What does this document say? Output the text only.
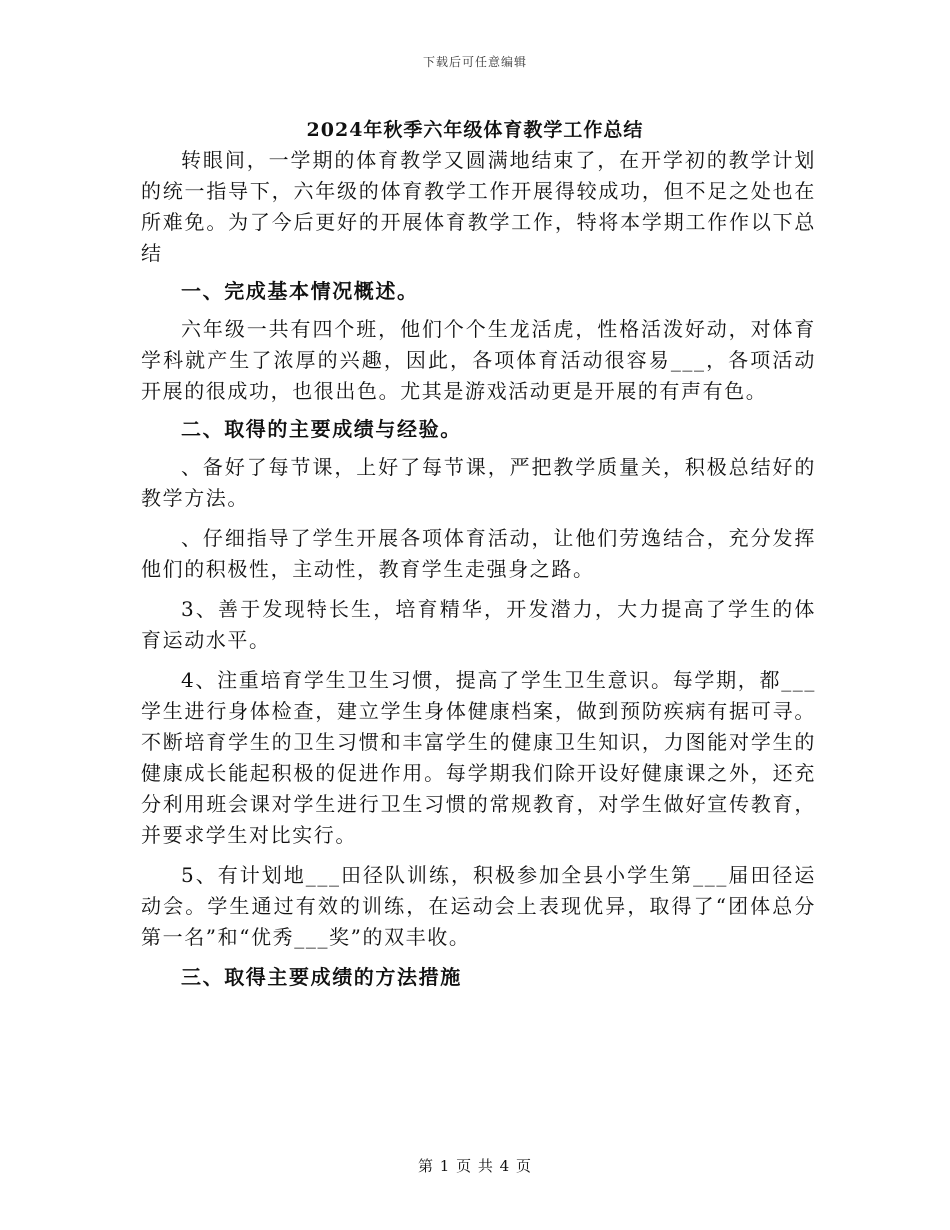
下载后可任意编辑
2024年秋季六年级体育教学工作总结

转眼间，一学期的体育教学又圆满地结束了，在开学初的教学计划的统一指导下，六年级的体育教学工作开展得较成功，但不足之处也在所难免。为了今后更好的开展体育教学工作，特将本学期工作作以下总结

一、完成基本情况概述。

六年级一共有四个班，他们个个生龙活虎，性格活泼好动，对体育学科就产生了浓厚的兴趣，因此，各项体育活动很容易___，各项活动开展的很成功，也很出色。尤其是游戏活动更是开展的有声有色。

二、取得的主要成绩与经验。

、备好了每节课，上好了每节课，严把教学质量关，积极总结好的教学方法。

、仔细指导了学生开展各项体育活动，让他们劳逸结合，充分发挥他们的积极性，主动性，教育学生走强身之路。

3、善于发现特长生，培育精华，开发潜力，大力提高了学生的体育运动水平。

4、注重培育学生卫生习惯，提高了学生卫生意识。每学期，都___学生进行身体检查，建立学生身体健康档案，做到预防疾病有据可寻。不断培育学生的卫生习惯和丰富学生的健康卫生知识，力图能对学生的健康成长能起积极的促进作用。每学期我们除开设好健康课之外，还充分利用班会课对学生进行卫生习惯的常规教育，对学生做好宣传教育，并要求学生对比实行。

5、有计划地___田径队训练，积极参加全县小学生第___届田径运动会。学生通过有效的训练，在运动会上表现优异，取得了“团体总分第一名”和“优秀___奖”的双丰收。

三、取得主要成绩的方法措施

第 1 页 共 4 页
